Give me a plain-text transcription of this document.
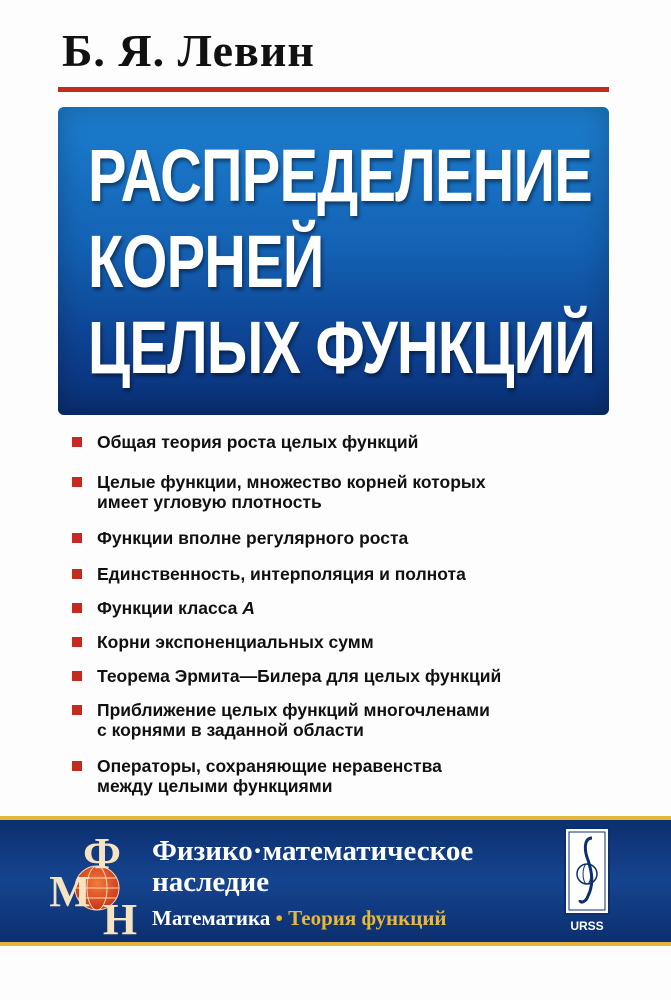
Б. Я. Левин
РАСПРЕДЕЛЕНИЕ
КОРНЕЙ
ЦЕЛЫХ ФУНКЦИЙ
Общая теория роста целых функций
Целые функции, множество корней которых
имеет угловую плотность
Функции вполне регулярного роста
Единственность, интерполяция и полнота
Функции класса A
Корни экспоненциальных сумм
Теорема Эрмита—Билера для целых функций
Приближение целых функций многочленами
с корнями в заданной области
Операторы, сохраняющие неравенства
между целыми функциями
Ф
М
Н
Физико·математическое
наследие
Математика • Теория функций	URSS
